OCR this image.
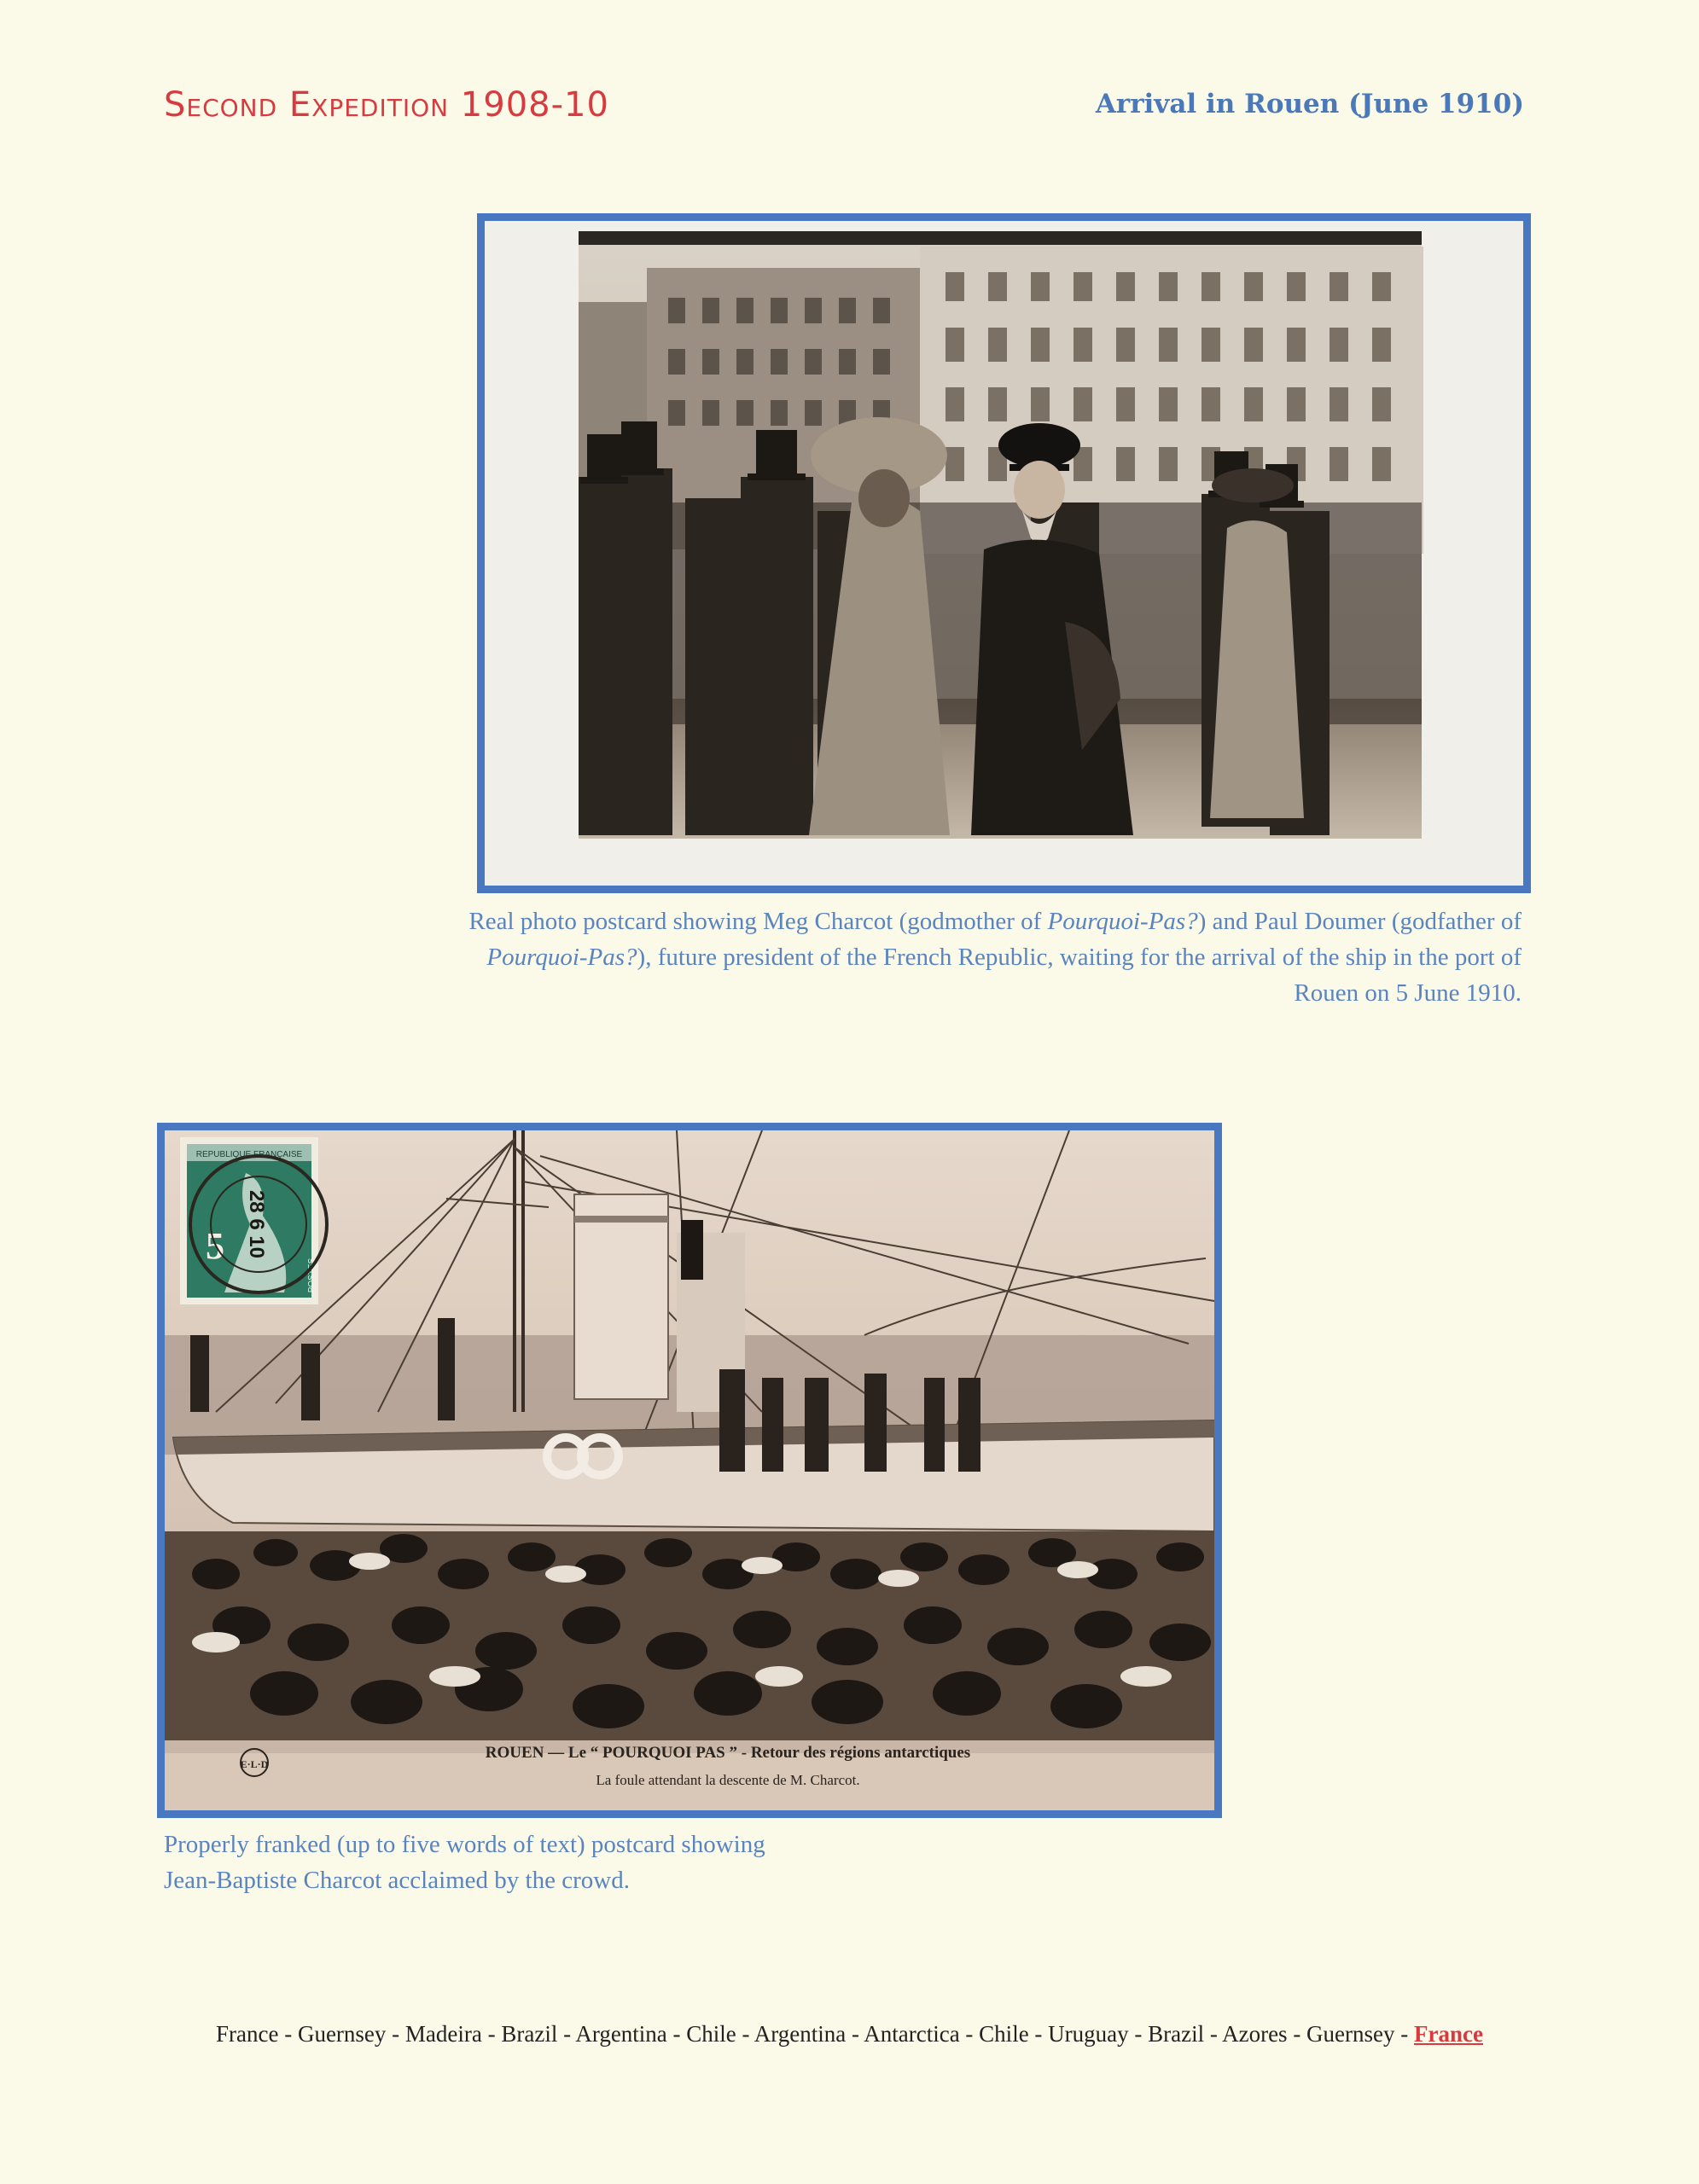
Second Expedition 1908-10	Arrival in Rouen (June 1910)
Real photo postcard showing Meg Charcot (godmother of Pourquoi-Pas?) and Paul Doumer (godfather of Pourquoi-Pas?), future president of the French Republic, waiting for the arrival of the ship in the port of Rouen on 5 June 1910.
5
REPUBLIQUE FRANÇAISE
POSTES
28 6 10
E·L·D
ROUEN — Le “ POURQUOI PAS ” - Retour des régions antarctiques
La foule attendant la descente de M. Charcot.
Properly franked (up to five words of text) postcard showing
Jean-Baptiste Charcot acclaimed by the crowd.
France - Guernsey - Madeira - Brazil - Argentina - Chile - Argentina - Antarctica - Chile - Uruguay - Brazil - Azores - Guernsey - France
